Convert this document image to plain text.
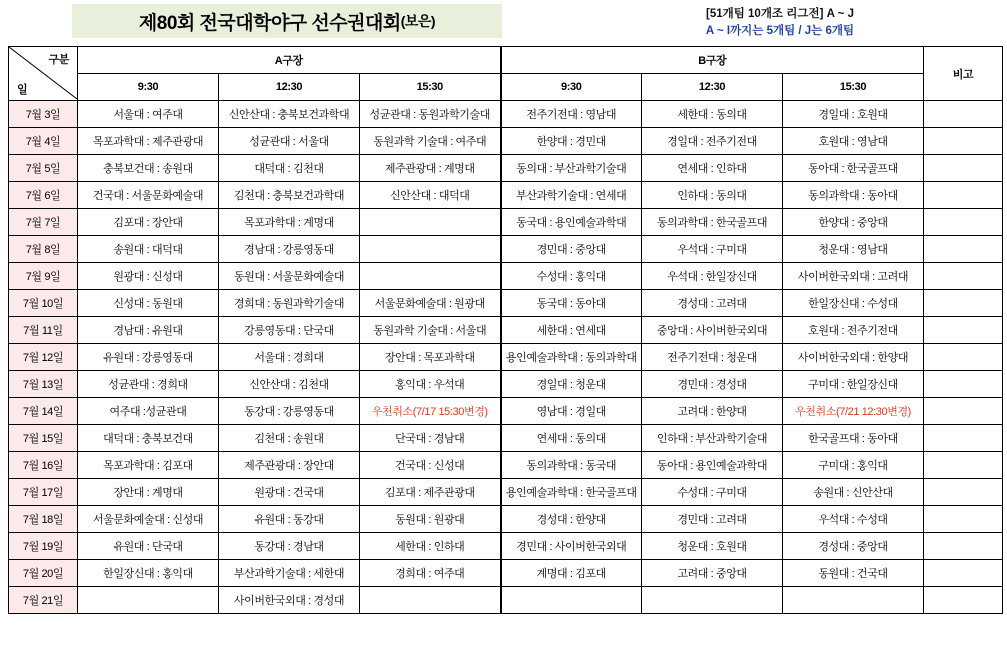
제80회 전국대학야구 선수권대회 (보은)	[51개팀 10개조 리그전] A ~ J
A ~ I까지는 5개팀 / J는 6개팀
구분
일	A구장			B구장			비고
	9:30	12:30	15:30	9:30	12:30	15:30	
7월 3일	서울대 : 여주대	신안산대 : 충북보건과학대	성균관대 : 동원과학기술대	전주기전대 : 영남대	세한대 : 동의대	경일대 : 호원대	
7월 4일	목포과학대 : 제주관광대	성균관대 : 서울대	동원과학 기술대 : 여주대	한양대 : 경민대	경일대 : 전주기전대	호원대 : 영남대	
7월 5일	충북보건대 : 송원대	대덕대 : 김천대	제주관광대 : 계명대	동의대 : 부산과학기술대	연세대 : 인하대	동아대 : 한국골프대	
7월 6일	건국대 : 서울문화예술대	김천대 : 충북보건과학대	신안산대 : 대덕대	부산과학기술대 : 연세대	인하대 : 동의대	동의과학대 : 동아대	
7월 7일	김포대 : 장안대	목포과학대 : 계명대		동국대 : 용인예술과학대	동의과학대 : 한국골프대	한양대 : 중앙대	
7월 8일	송원대 : 대덕대	경남대 : 강릉영동대		경민대 : 중앙대	우석대 : 구미대	청운대 : 영남대	
7월 9일	원광대 : 신성대	동원대 : 서울문화예술대		수성대 : 홍익대	우석대 : 한일장신대	사이버한국외대 : 고려대	
7월 10일	신성대 : 동원대	경희대 : 동원과학기술대	서울문화예술대 : 원광대	동국대 : 동아대	경성대 : 고려대	한일장신대 : 수성대	
7월 11일	경남대 : 유원대	강릉영동대 : 단국대	동원과학 기술대 : 서울대	세한대 : 연세대	중앙대 : 사이버한국외대	호원대 : 전주기전대	
7월 12일	유원대 : 강릉영동대	서울대 : 경희대	장안대 : 목포과학대	용인예술과학대 : 동의과학대	전주기전대 : 청운대	사이버한국외대 : 한양대	
7월 13일	성균관대 : 경희대	신안산대 : 김천대	홍익대 : 우석대	경일대 : 청운대	경민대 : 경성대	구미대 : 한일장신대	
7월 14일	여주대 :성균관대	동강대 : 강릉영동대	우천취소(7/17 15:30변경)	영남대 : 경일대	고려대 : 한양대	우천취소(7/21 12:30변경)	
7월 15일	대덕대 : 충북보건대	김천대 : 송원대	단국대 : 경남대	연세대 : 동의대	인하대 : 부산과학기술대	한국골프대 : 동아대	
7월 16일	목포과학대 : 김포대	제주관광대 : 장안대	건국대 : 신성대	동의과학대 : 동국대	동아대 : 용인예술과학대	구미대 : 홍익대	
7월 17일	장안대 : 계명대	원광대 : 건국대	김포대 : 제주관광대	용인예술과학대 : 한국골프대	수성대 : 구미대	송원대 : 신안산대	
7월 18일	서울문화예술대 : 신성대	유원대 : 동강대	동원대 : 원광대	경성대 : 한양대	경민대 : 고려대	우석대 : 수성대	
7월 19일	유원대 : 단국대	동강대 : 경남대	세한대 : 인하대	경민대 : 사이버한국외대	청운대 : 호원대	경성대 : 중앙대	
7월 20일	한일장신대 : 홍익대	부산과학기술대 : 세한대	경희대 : 여주대	계명대 : 김포대	고려대 : 중앙대	동원대 : 건국대	
7월 21일		사이버한국외대 : 경성대					
